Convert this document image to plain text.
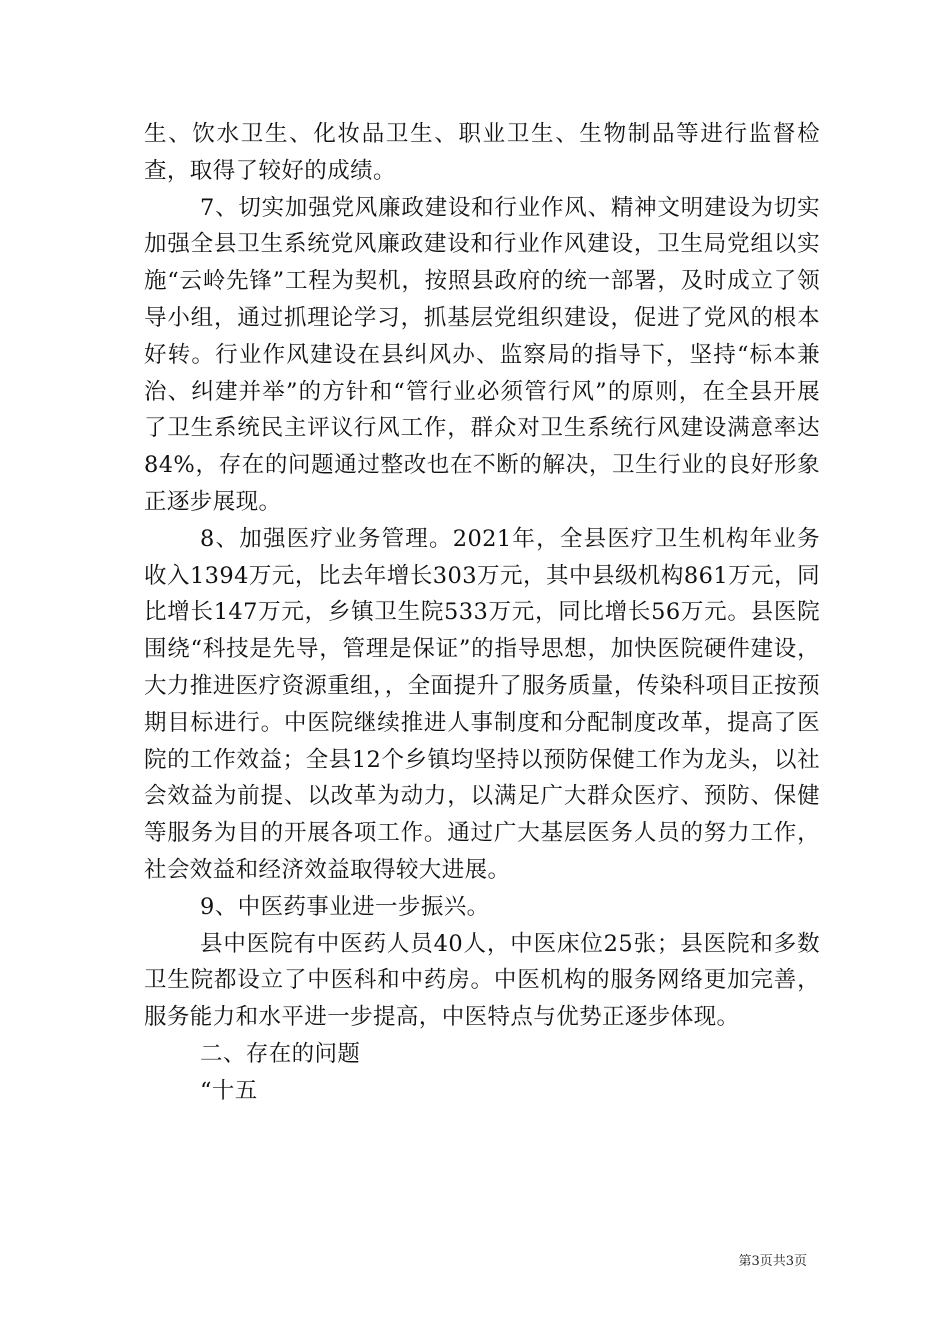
生、饮水卫生、化妆品卫生、职业卫生、生物制品等进行监督检查，取得了较好的成绩。

7、切实加强党风廉政建设和行业作风、精神文明建设为切实加强全县卫生系统党风廉政建设和行业作风建设，卫生局党组以实施“云岭先锋”工程为契机，按照县政府的统一部署，及时成立了领导小组，通过抓理论学习，抓基层党组织建设，促进了党风的根本好转。行业作风建设在县纠风办、监察局的指导下，坚持“标本兼治、纠建并举”的方针和“管行业必须管行风”的原则，在全县开展了卫生系统民主评议行风工作，群众对卫生系统行风建设满意率达84%，存在的问题通过整改也在不断的解决，卫生行业的良好形象正逐步展现。

8、加强医疗业务管理。2021年，全县医疗卫生机构年业务收入1394万元，比去年增长303万元，其中县级机构861万元，同比增长147万元，乡镇卫生院533万元，同比增长56万元。县医院围绕“科技是先导，管理是保证”的指导思想，加快医院硬件建设，大力推进医疗资源重组，，全面提升了服务质量，传染科项目正按预期目标进行。中医院继续推进人事制度和分配制度改革，提高了医院的工作效益；全县12个乡镇均坚持以预防保健工作为龙头，以社会效益为前提、以改革为动力，以满足广大群众医疗、预防、保健等服务为目的开展各项工作。通过广大基层医务人员的努力工作，社会效益和经济效益取得较大进展。

9、中医药事业进一步振兴。

县中医院有中医药人员40人，中医床位25张；县医院和多数卫生院都设立了中医科和中药房。中医机构的服务网络更加完善，服务能力和水平进一步提高，中医特点与优势正逐步体现。

二、存在的问题

“十五

第3页共3页
